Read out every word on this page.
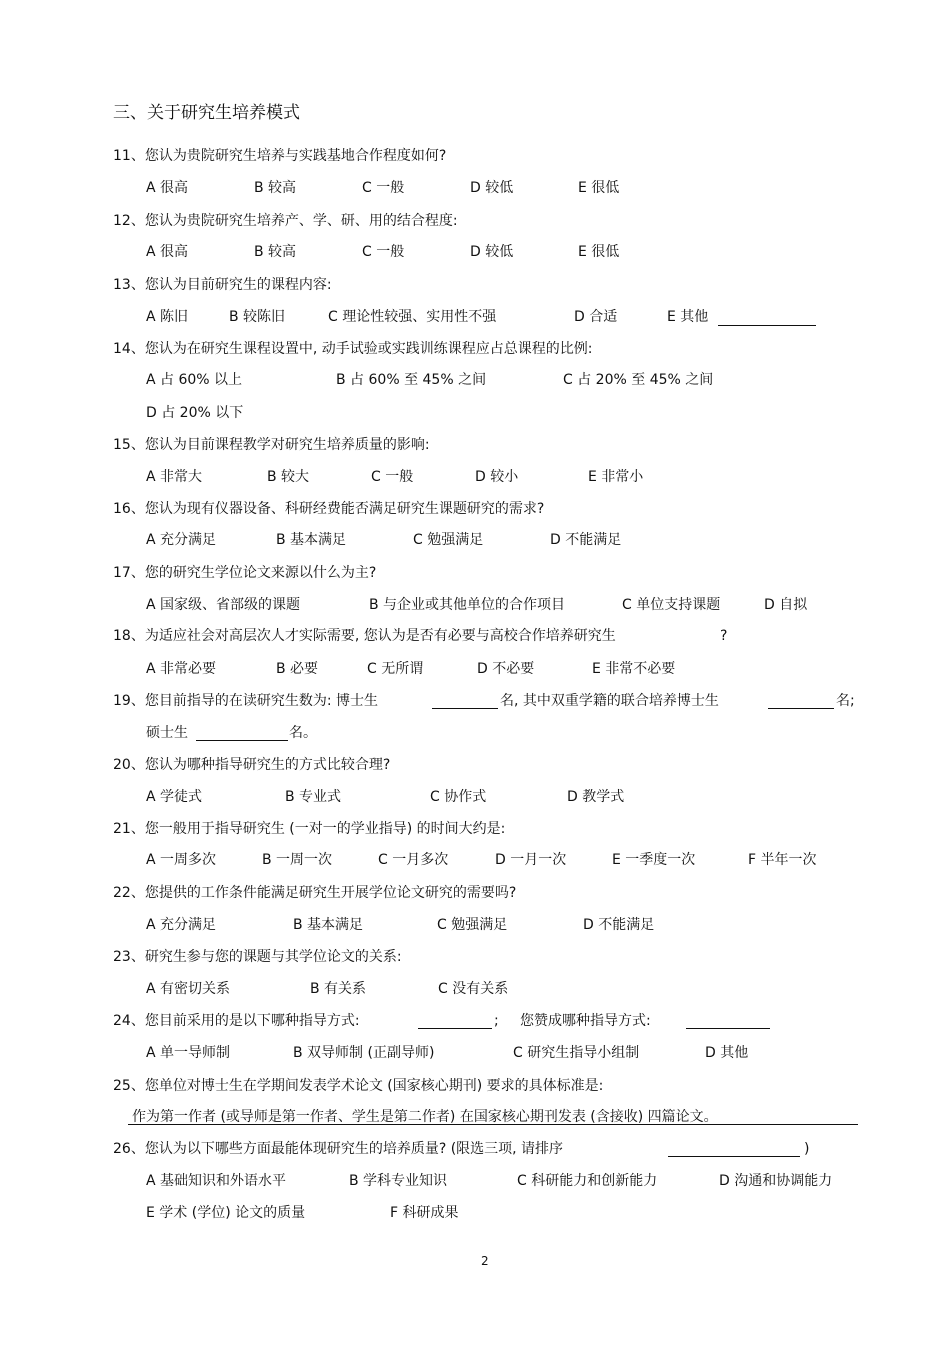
三、关于研究生培养模式
11、您认为贵院研究生培养与实践基地合作程度如何?
A 很高	B 较高	C 一般	D 较低	E 很低
12、您认为贵院研究生培养产、学、研、用的结合程度:
A 很高	B 较高	C 一般	D 较低	E 很低
13、您认为目前研究生的课程内容:
A 陈旧	B 较陈旧	C 理论性较强、实用性不强	D 合适	E 其他
14、您认为在研究生课程设置中, 动手试验或实践训练课程应占总课程的比例:
A 占 60% 以上	B 占 60% 至 45% 之间	C 占 20% 至 45% 之间
D 占 20% 以下
15、您认为目前课程教学对研究生培养质量的影响:
A 非常大	B 较大	C 一般	D 较小	E 非常小
16、您认为现有仪器设备、科研经费能否满足研究生课题研究的需求?
A 充分满足	B 基本满足	C 勉强满足	D 不能满足
17、您的研究生学位论文来源以什么为主?
A 国家级、省部级的课题	B 与企业或其他单位的合作项目	C 单位支持课题	D 自拟
18、为适应社会对高层次人才实际需要, 您认为是否有必要与高校合作培养研究生	?
A 非常必要	B 必要	C 无所谓	D 不必要	E 非常不必要
19、您目前指导的在读研究生数为: 博士生	名, 其中双重学籍的联合培养博士生	名;
硕士生	名。
20、您认为哪种指导研究生的方式比较合理?
A 学徒式	B 专业式	C 协作式	D 教学式
21、您一般用于指导研究生 (一对一的学业指导) 的时间大约是:
A 一周多次	B 一周一次	C 一月多次	D 一月一次	E 一季度一次	F 半年一次
22、您提供的工作条件能满足研究生开展学位论文研究的需要吗?
A 充分满足	B 基本满足	C 勉强满足	D 不能满足
23、研究生参与您的课题与其学位论文的关系:
A 有密切关系	B 有关系	C 没有关系
24、您目前采用的是以下哪种指导方式:	; 您赞成哪种指导方式:
A 单一导师制	B 双导师制 (正副导师)	C 研究生指导小组制	D 其他
25、您单位对博士生在学期间发表学术论文 (国家核心期刊) 要求的具体标准是:
作为第一作者 (或导师是第一作者、学生是第二作者) 在国家核心期刊发表 (含接收) 四篇论文。
26、您认为以下哪些方面最能体现研究生的培养质量? (限选三项, 请排序	)
A 基础知识和外语水平	B 学科专业知识	C 科研能力和创新能力	D 沟通和协调能力
E 学术 (学位) 论文的质量	F 科研成果
2
